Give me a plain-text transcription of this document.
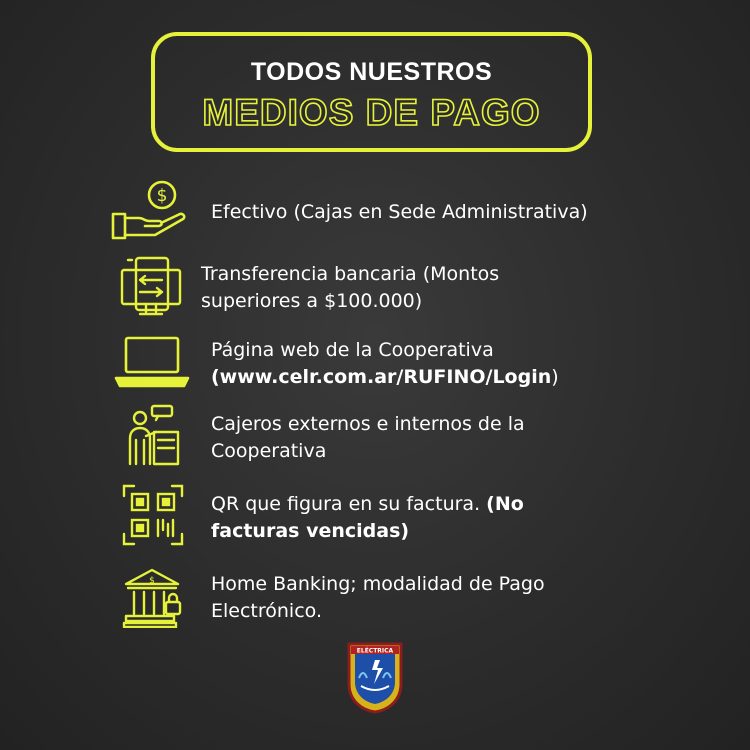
TODOS NUESTROS
MEDIOS DE PAGO
$
Efectivo (Cajas en Sede Administrativa)
Transferencia bancaria (Montos
superiores a $100.000)
Página web de la Cooperativa
(www.celr.com.ar/RUFINO/Login)
Cajeros externos e internos de la
Cooperativa
QR que figura en su factura. (No
facturas vencidas)
$	Home Banking; modalidad de Pago
Electrónico.
ELÉCTRICA
